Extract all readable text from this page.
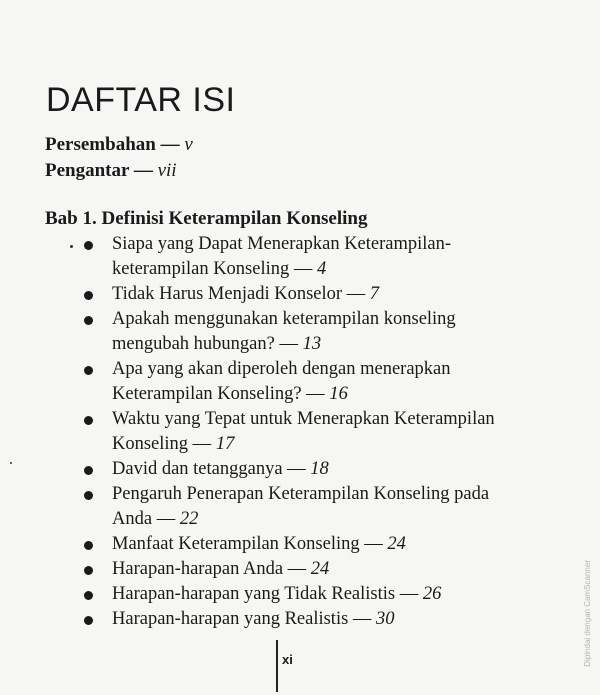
DAFTAR ISI
Persembahan — v
Pengantar — vii
Bab 1. Definisi Keterampilan Konseling
Siapa yang Dapat Menerapkan Keterampilan-keterampilan Konseling — 4
Tidak Harus Menjadi Konselor — 7
Apakah menggunakan keterampilan konseling mengubah hubungan? — 13
Apa yang akan diperoleh dengan menerapkan Keterampilan Konseling? — 16
Waktu yang Tepat untuk Menerapkan Keterampilan Konseling — 17
David dan tetangganya — 18
Pengaruh Penerapan Keterampilan Konseling pada Anda — 22
Manfaat Keterampilan Konseling — 24
Harapan-harapan Anda — 24
Harapan-harapan yang Tidak Realistis — 26
Harapan-harapan yang Realistis — 30
xi	Dipindai dengan CamScanner
